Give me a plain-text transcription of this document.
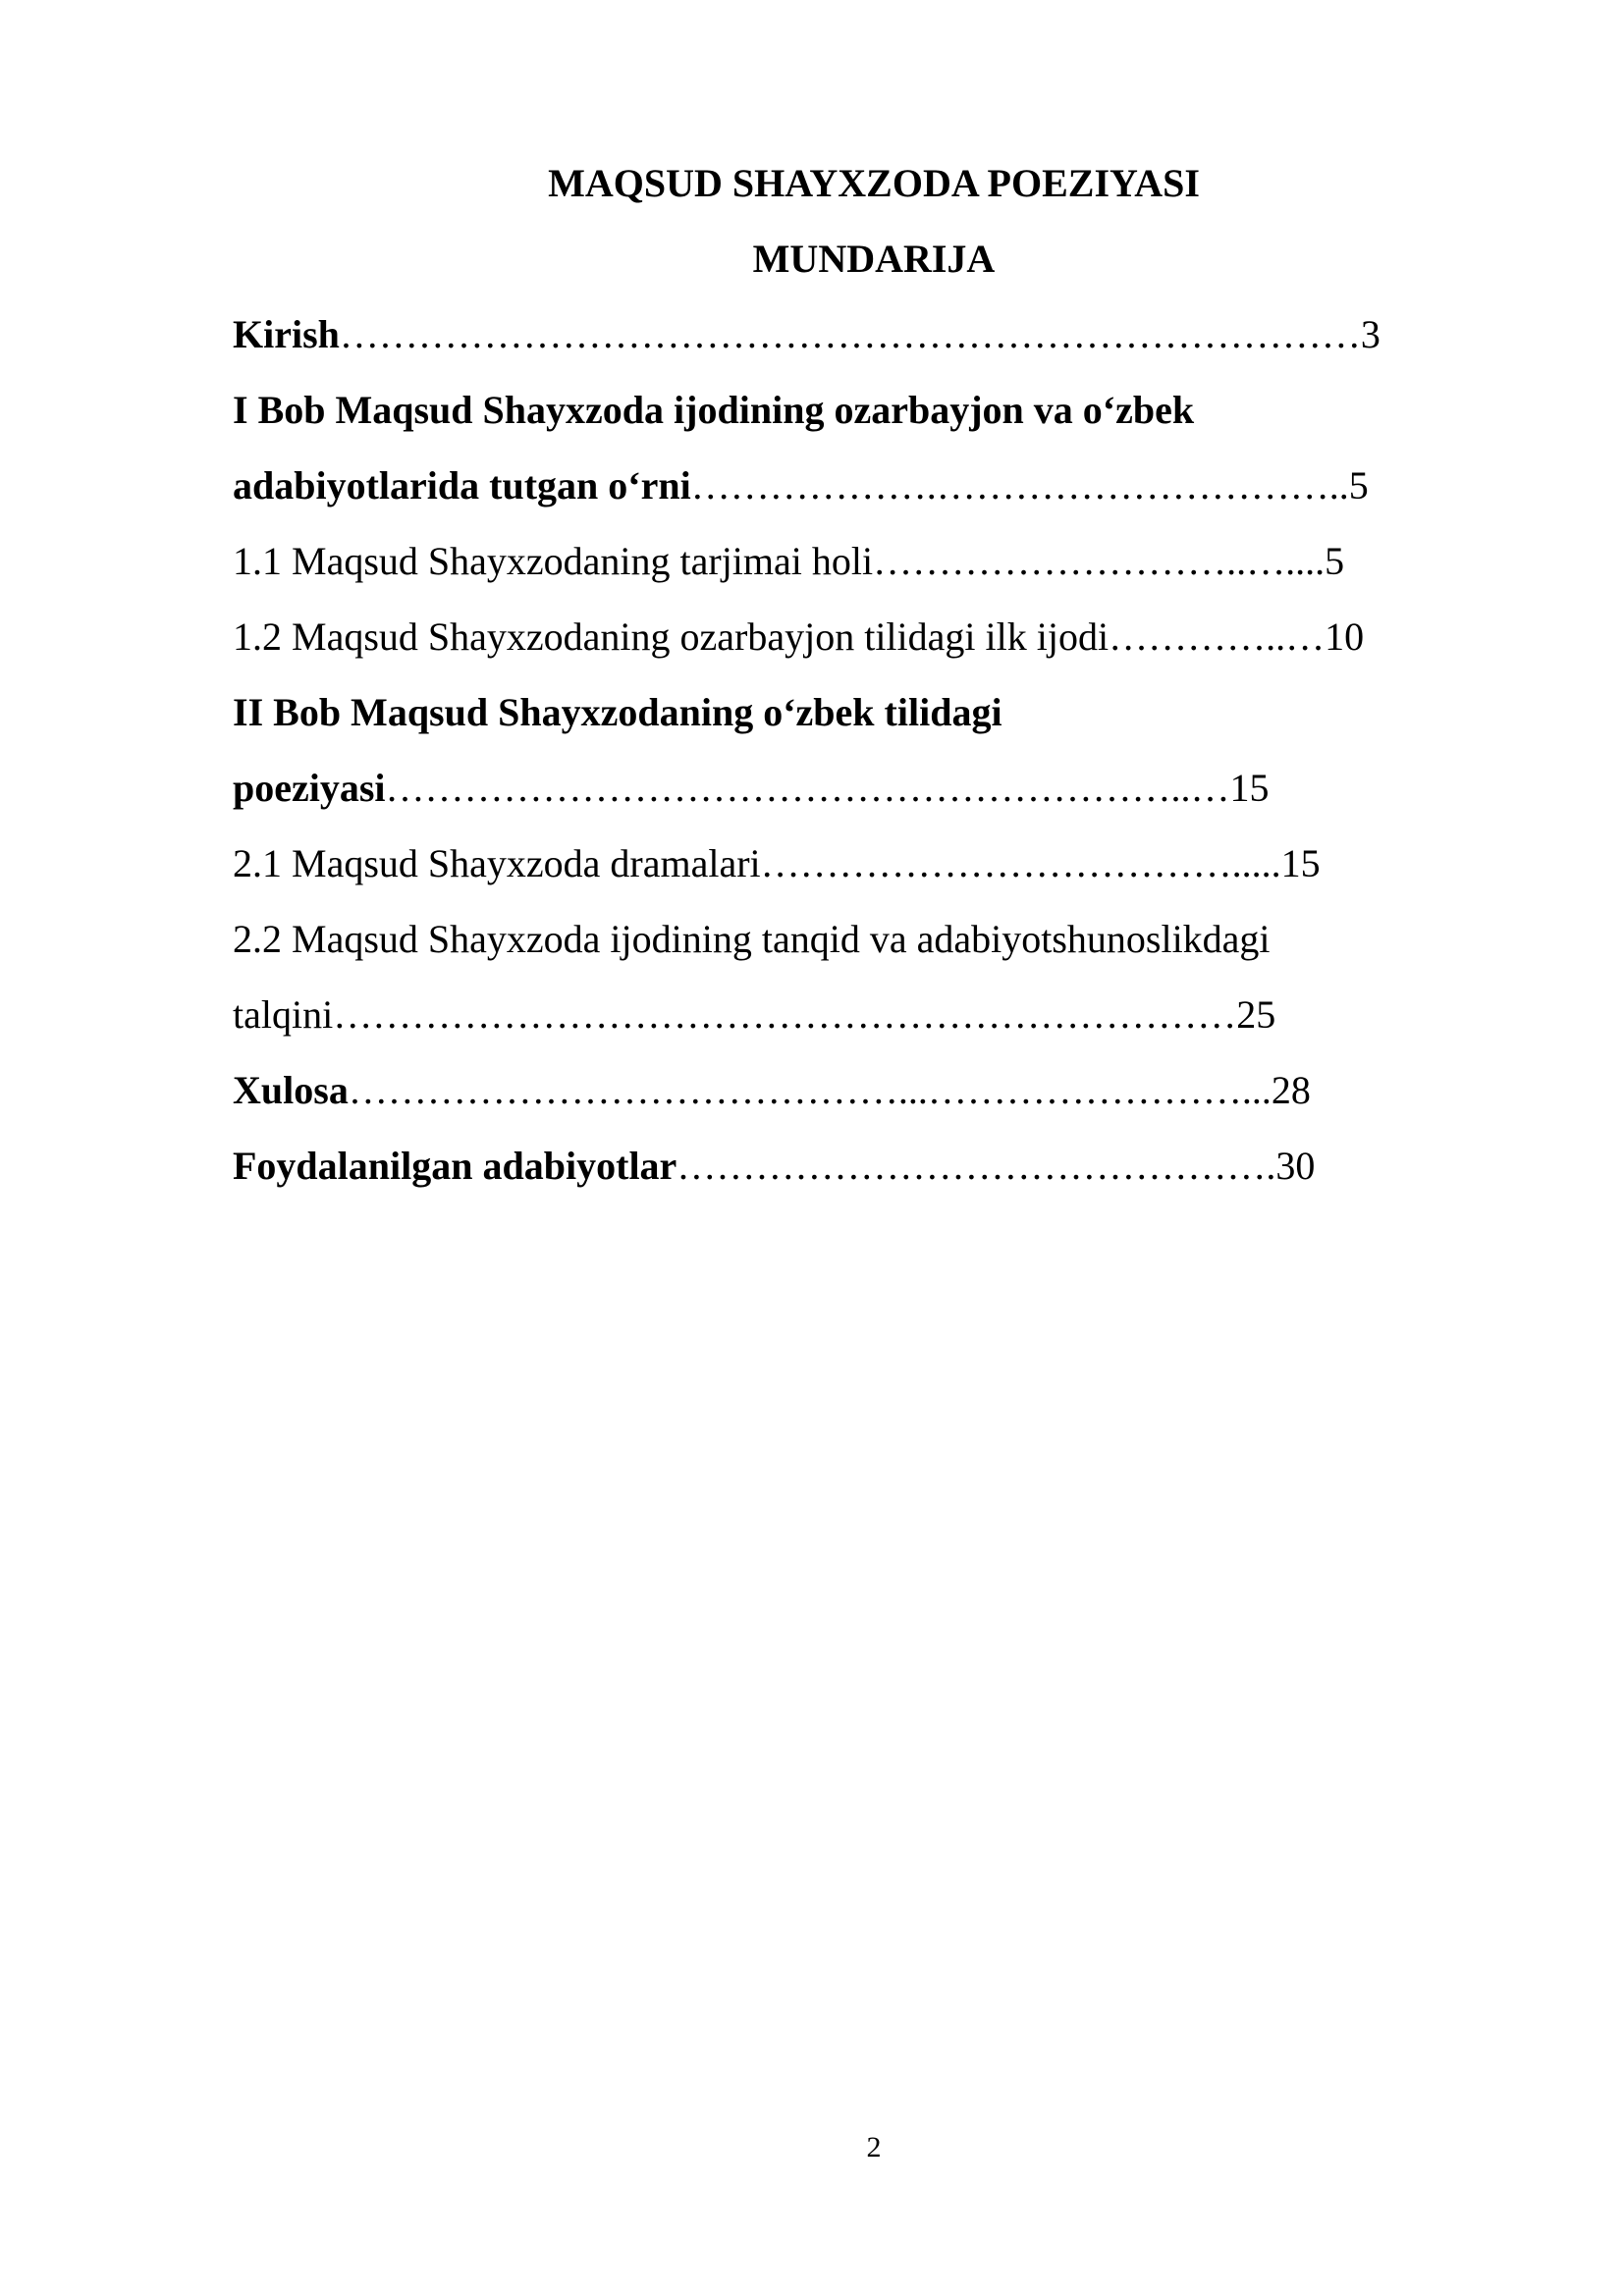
MAQSUD SHAYXZODA POEZIYASI
MUNDARIJA
Kirish……………………………………………………………………3
I Bob Maqsud Shayxzoda ijodining ozarbayjon va o‘zbek
adabiyotlarida tutgan o‘rni……………….…………………………..5
1.1 Maqsud Shayxzodaning tarjimai holi………………………..…....5
1.2 Maqsud Shayxzodaning ozarbayjon tilidagi ilk ijodi…………..…10
II Bob Maqsud Shayxzodaning o‘zbek tilidagi
poeziyasi……………………………………………………..…15
2.1 Maqsud Shayxzoda dramalari……………………………….....15
2.2 Maqsud Shayxzoda ijodining tanqid va adabiyotshunoslikdagi
talqini……………………………………………………………25
Xulosa……………………………………...……………………...28
Foydalanilgan adabiyotlar……………………………………….30
2
